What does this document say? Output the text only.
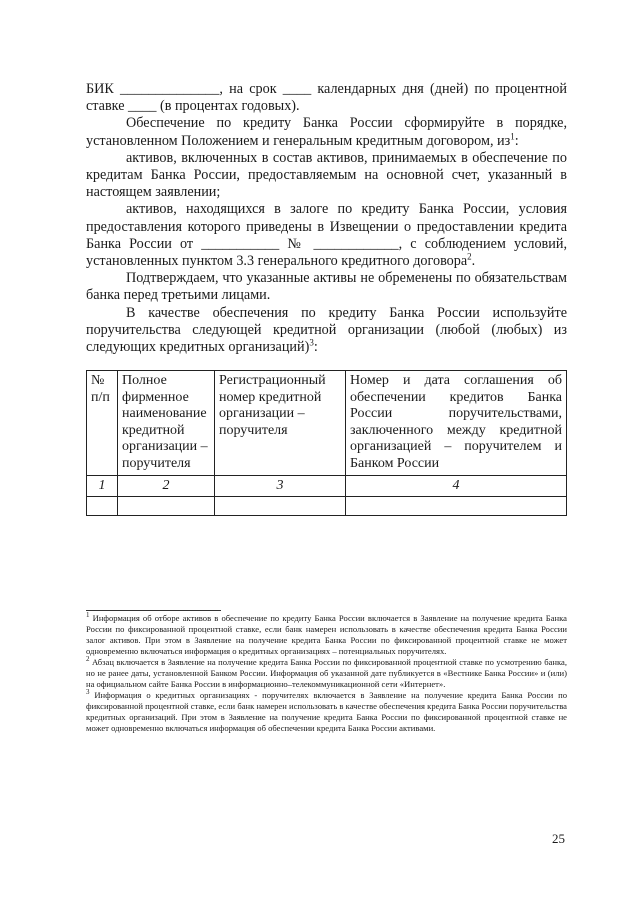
БИК ______________, на срок ____ календарных дня (дней) по процентной ставке ____ (в процентах годовых).

Обеспечение по кредиту Банка России сформируйте в порядке, установленном Положением и генеральным кредитным договором, $из^1$:

активов, включенных в состав активов, принимаемых в обеспечение по кредитам Банка России, предоставляемым на основной счет, указанный в настоящем заявлении;

активов, находящихся в залоге по кредиту Банка России, условия предоставления которого приведены в Извещении о предоставлении кредита Банка России от ___________ № ____________, с соблюдением условий, установленных пунктом 3.3 генерального кредитного договора$^2$.

Подтверждаем, что указанные активы не обременены по обязательствам банка перед третьими лицами.

В качестве обеспечения по кредиту Банка России используйте поручительства следующей кредитной организации (любой (любых) из следующих кредитных организаций)$^3$:

№ п/п	Полное фирменное наименование кредитной организации – поручителя	Регистрационный номер кредитной организации – поручителя	Номер и дата соглашения об обеспечении кредитов Банка России поручительствами, заключенного между кредитной организацией – поручителем и Банком России
1	2	3	4

$^1$ Информация об отборе активов в обеспечение по кредиту Банка России включается в Заявление на получение кредита Банка России по фиксированной процентной ставке, если банк намерен использовать в качестве обеспечения кредита Банка России залог активов. При этом в Заявление на получение кредита Банка России по фиксированной процентной ставке не может одновременно включаться информация о кредитных организациях – потенциальных поручителях.

$^2$ Абзац включается в Заявление на получение кредита Банка России по фиксированной процентной ставке по усмотрению банка, но не ранее даты, установленной Банком России. Информация об указанной дате публикуется в «Вестнике Банка России» и (или) на официальном сайте Банка России в информационно–телекоммуникационной сети «Интернет».

$^3$ Информация о кредитных организациях - поручителях включается в Заявление на получение кредита Банка России по фиксированной процентной ставке, если банк намерен использовать в качестве обеспечения кредита Банка России поручительства кредитных организаций. При этом в Заявление на получение кредита Банка России по фиксированной процентной ставке не может одновременно включаться информация об обеспечении кредита Банка России активами.

25
